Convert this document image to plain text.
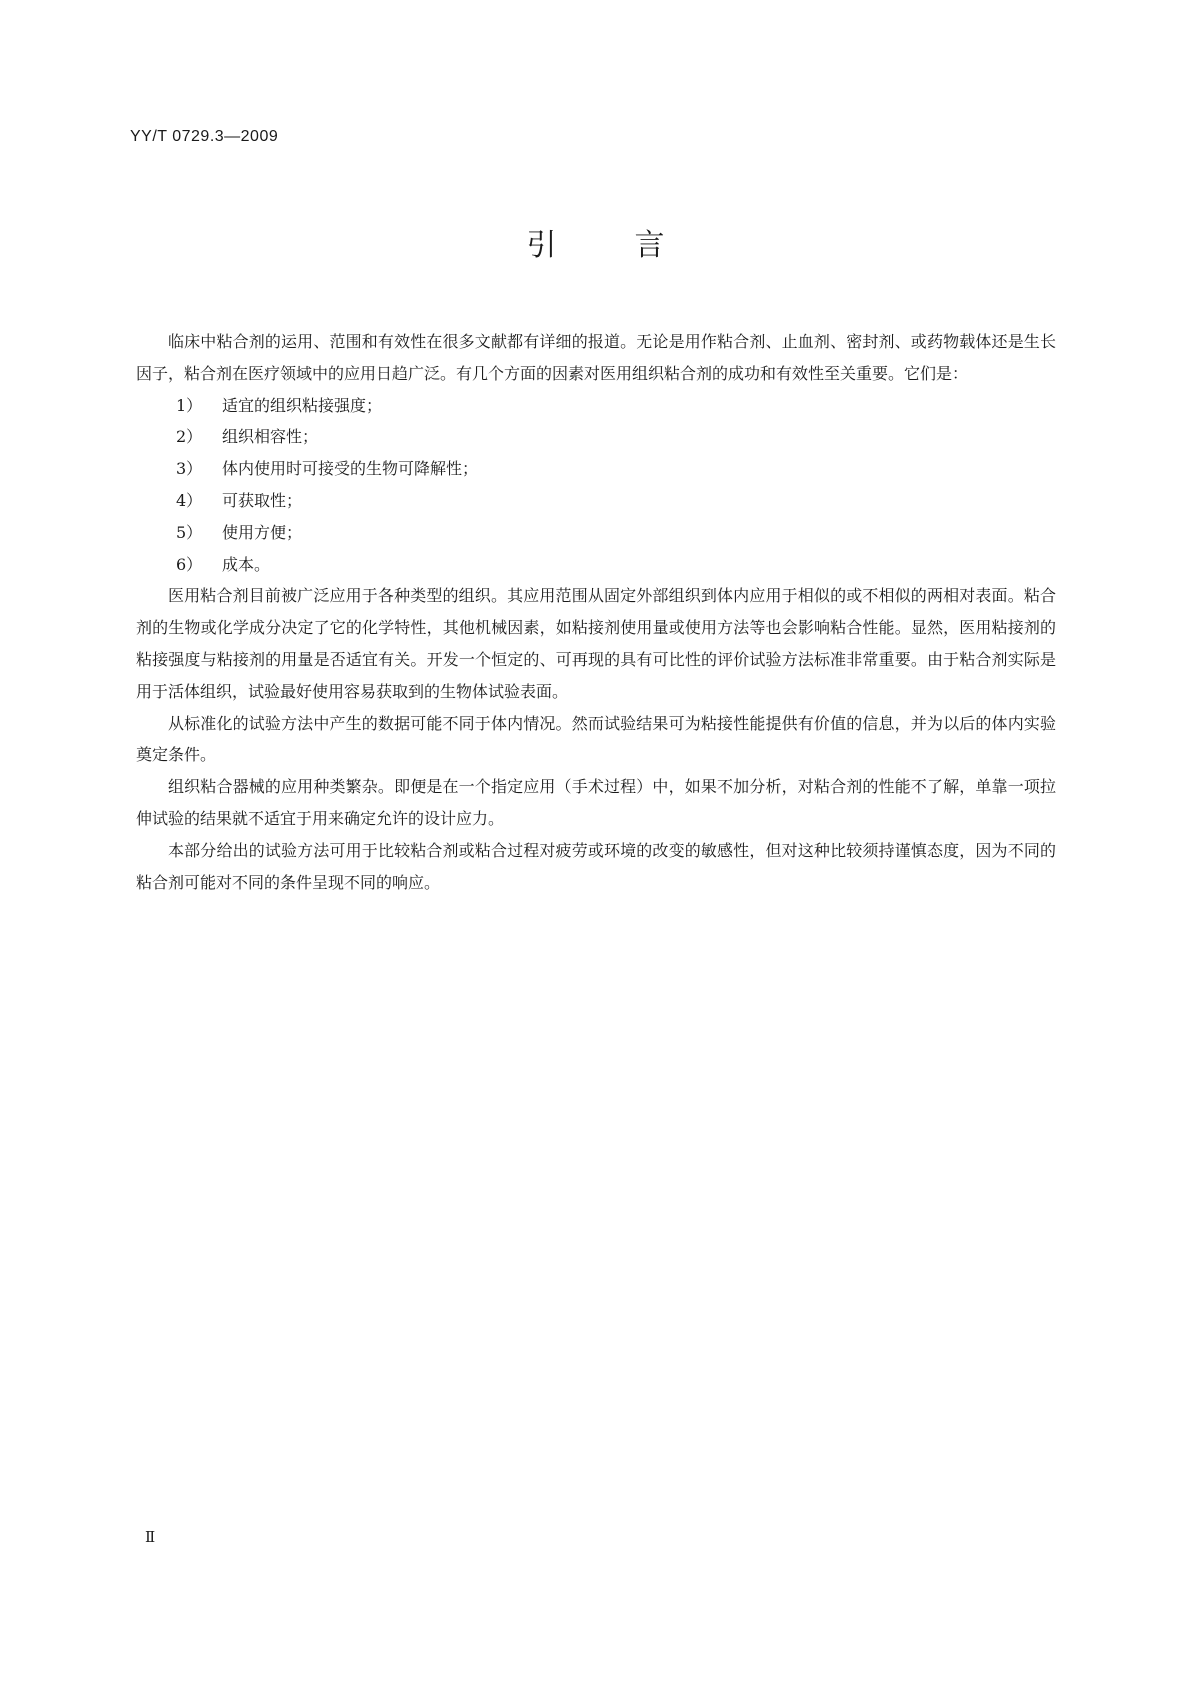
YY/T 0729.3—2009
引	言

临床中粘合剂的运用、范围和有效性在很多文献都有详细的报道。无论是用作粘合剂、止血剂、密封剂、或药物载体还是生长因子，粘合剂在医疗领域中的应用日趋广泛。有几个方面的因素对医用组织粘合剂的成功和有效性至关重要。它们是：

1） 适宜的组织粘接强度；
2） 组织相容性；
3） 体内使用时可接受的生物可降解性；
4） 可获取性；
5） 使用方便；
6） 成本。

医用粘合剂目前被广泛应用于各种类型的组织。其应用范围从固定外部组织到体内应用于相似的或不相似的两相对表面。粘合剂的生物或化学成分决定了它的化学特性，其他机械因素，如粘接剂使用量或使用方法等也会影响粘合性能。显然，医用粘接剂的粘接强度与粘接剂的用量是否适宜有关。开发一个恒定的、可再现的具有可比性的评价试验方法标准非常重要。由于粘合剂实际是用于活体组织，试验最好使用容易获取到的生物体试验表面。

从标准化的试验方法中产生的数据可能不同于体内情况。然而试验结果可为粘接性能提供有价值的信息，并为以后的体内实验奠定条件。

组织粘合器械的应用种类繁杂。即便是在一个指定应用（手术过程）中，如果不加分析，对粘合剂的性能不了解，单靠一项拉伸试验的结果就不适宜于用来确定允许的设计应力。

本部分给出的试验方法可用于比较粘合剂或粘合过程对疲劳或环境的改变的敏感性，但对这种比较须持谨慎态度，因为不同的粘合剂可能对不同的条件呈现不同的响应。

Ⅱ
